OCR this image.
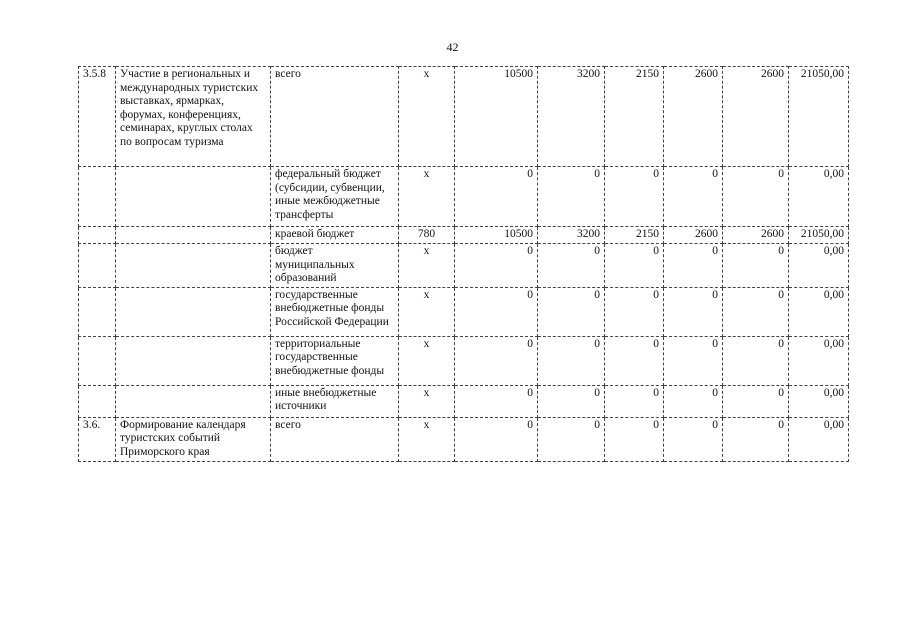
42
3.5.8	Участие в региональных и международных туристских выставках, ярмарках, форумах, конференциях, семинарах, круглых столах по вопросам туризма	всего	х	10500	3200	2150	2600	2600	21050,00
		федеральный бюджет (субсидии, субвенции, иные межбюджетные трансферты	х	0	0	0	0	0	0,00
		краевой бюджет	780	10500	3200	2150	2600	2600	21050,00
		бюджет муниципальных образований	х	0	0	0	0	0	0,00
		государственные внебюджетные фонды Российской Федерации	х	0	0	0	0	0	0,00
		территориальные государственные внебюджетные фонды	х	0	0	0	0	0	0,00
		иные внебюджетные источники	х	0	0	0	0	0	0,00
3.6.	Формирование календаря туристских событий Приморского края	всего	х	0	0	0	0	0	0,00
